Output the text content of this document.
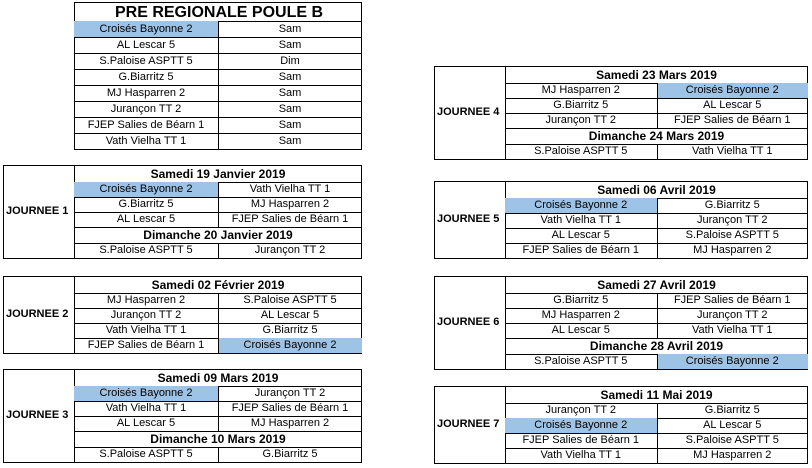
PRE REGIONALE POULE B
Croisés Bayonne 2	Sam
AL Lescar 5	Sam
S.Paloise ASPTT 5	Dim
G.Biarritz 5	Sam
MJ Hasparren 2	Sam
Jurançon TT 2	Sam
FJEP Salies de Béarn 1	Sam
Vath Vielha TT 1	Sam
JOURNEE 1
Samedi 19 Janvier 2019
Croisés Bayonne 2	Vath Vielha TT 1
G.Biarritz 5	MJ Hasparren 2
AL Lescar 5	FJEP Salies de Béarn 1
Dimanche 20 Janvier 2019
S.Paloise ASPTT 5	Jurançon TT 2
JOURNEE 2
Samedi 02 Février 2019
MJ Hasparren 2	S.Paloise ASPTT 5
Jurançon TT 2	AL Lescar 5
Vath Vielha TT 1	G.Biarritz 5
FJEP Salies de Béarn 1	Croisés Bayonne 2
JOURNEE 3
Samedi 09 Mars 2019
Croisés Bayonne 2	Jurançon TT 2
Vath Vielha TT 1	FJEP Salies de Béarn 1
AL Lescar 5	MJ Hasparren 2
Dimanche 10 Mars 2019
S.Paloise ASPTT 5	G.Biarritz 5
JOURNEE 4
Samedi 23 Mars 2019
MJ Hasparren 2	Croisés Bayonne 2
G.Biarritz 5	AL Lescar 5
Jurançon TT 2	FJEP Salies de Béarn 1
Dimanche 24 Mars 2019
S.Paloise ASPTT 5	Vath Vielha TT 1
JOURNEE 5
Samedi 06 Avril 2019
Croisés Bayonne 2	G.Biarritz 5
Vath Vielha TT 1	Jurançon TT 2
AL Lescar 5	S.Paloise ASPTT 5
FJEP Salies de Béarn 1	MJ Hasparren 2
JOURNEE 6
Samedi 27 Avril 2019
G.Biarritz 5	FJEP Salies de Béarn 1
MJ Hasparren 2	Jurançon TT 2
AL Lescar 5	Vath Vielha TT 1
Dimanche 28 Avril 2019
S.Paloise ASPTT 5	Croisés Bayonne 2
JOURNEE 7
Samedi 11 Mai 2019
Jurançon TT 2	G.Biarritz 5
Croisés Bayonne 2	AL Lescar 5
FJEP Salies de Béarn 1	S.Paloise ASPTT 5
Vath Vielha TT 1	MJ Hasparren 2
